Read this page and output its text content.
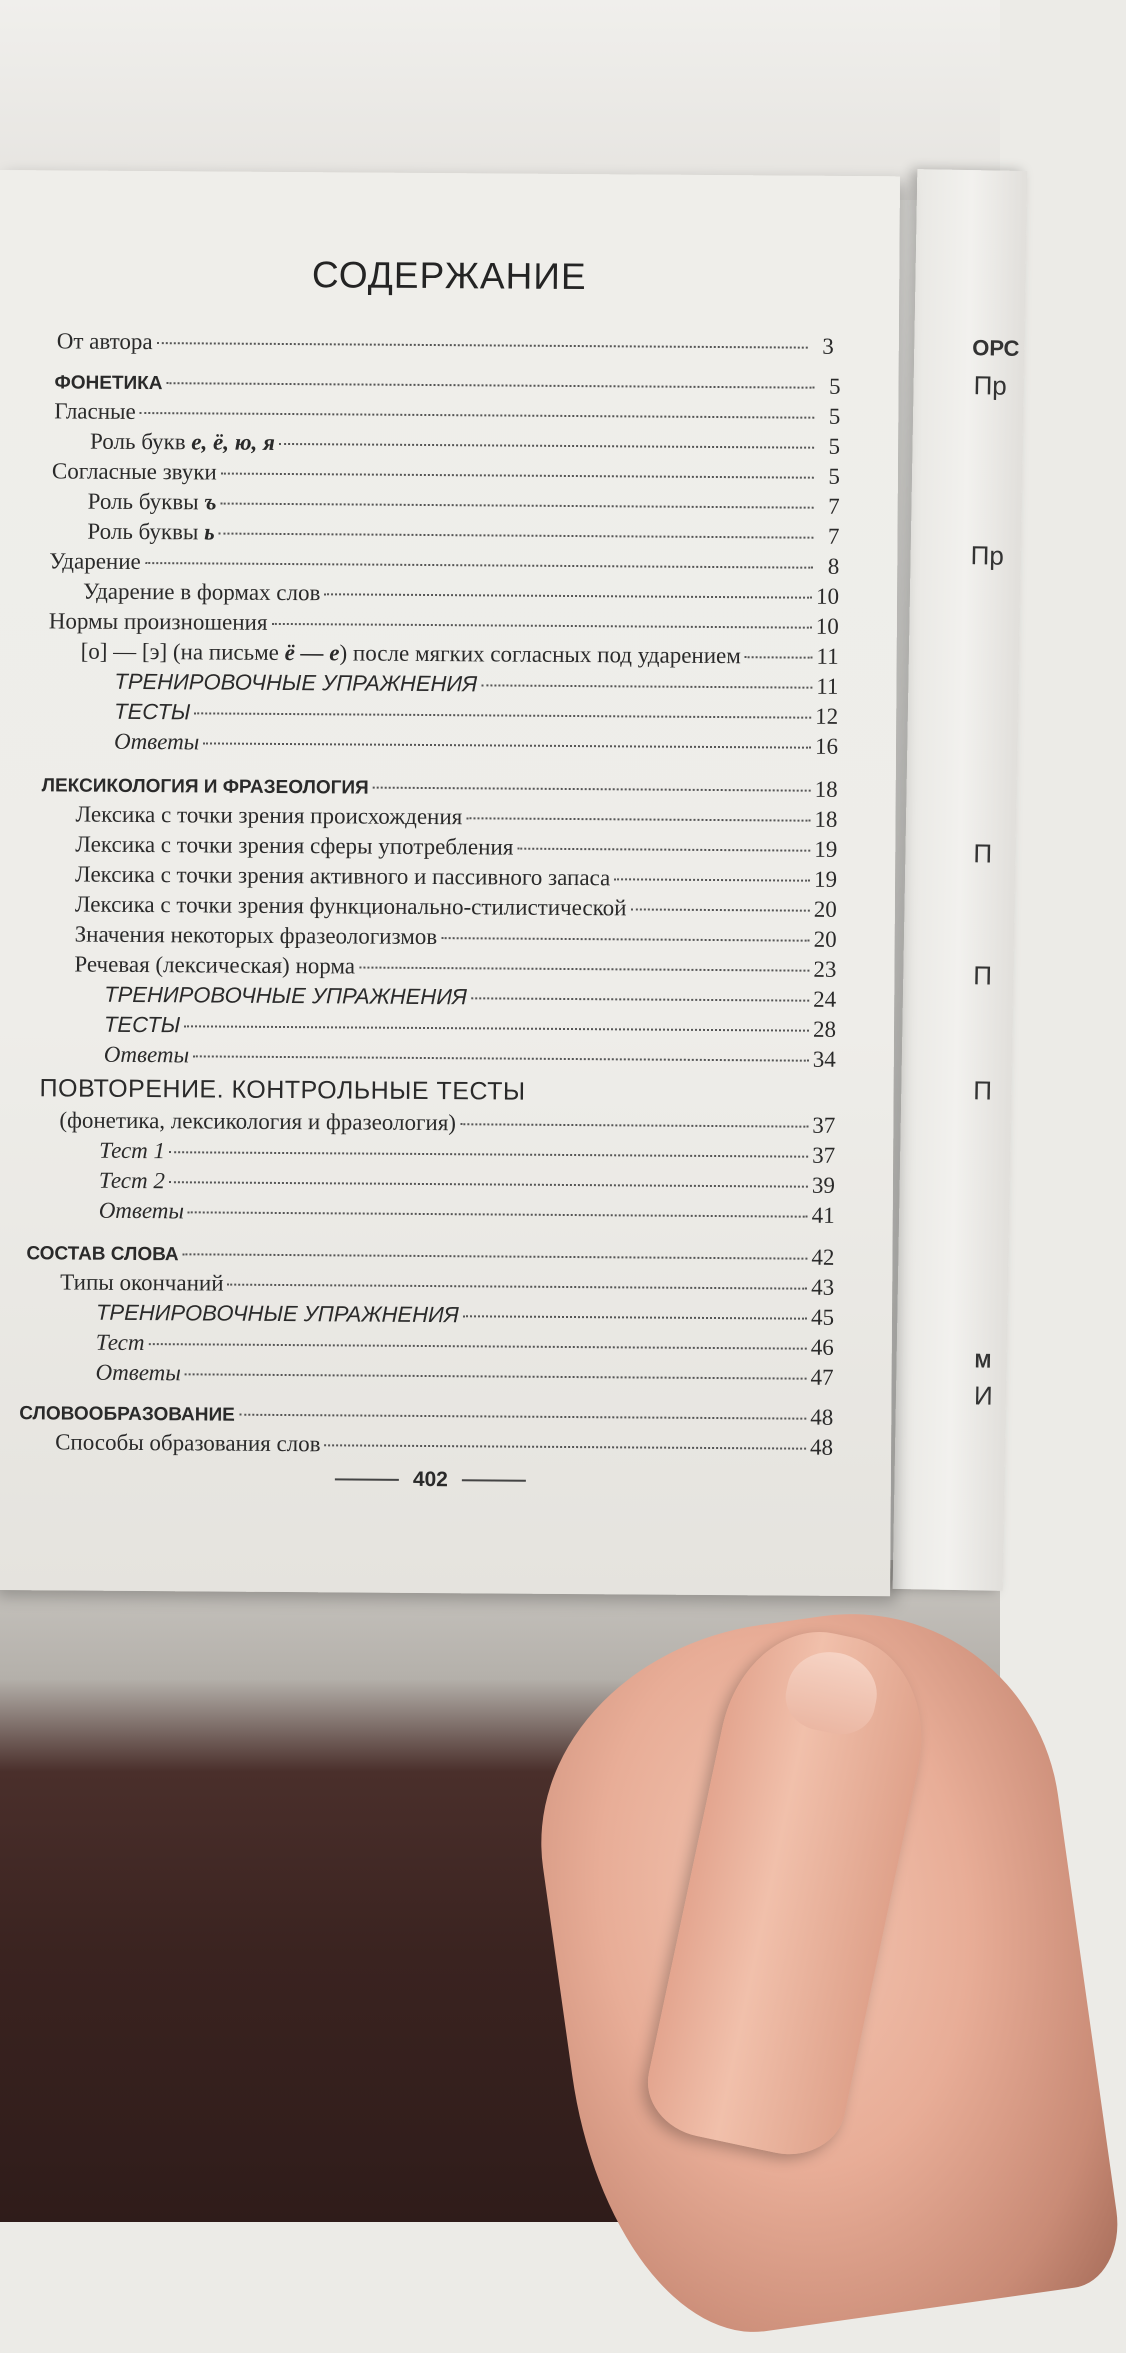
ОРС
Пр
Пр
П
П
П
М
И
СОДЕРЖАНИЕ
От автора	3
ФОНЕТИКА	5
Гласные	5
Роль букв е, ё, ю, я	5
Согласные звуки	5
Роль буквы ъ	7
Роль буквы ь	7
Ударение	8
Ударение в формах слов	10
Нормы произношения	10
[о] — [э] (на письме ё — е) после мягких согласных под ударением	11
ТРЕНИРОВОЧНЫЕ УПРАЖНЕНИЯ	11
ТЕСТЫ	12
Ответы	16
ЛЕКСИКОЛОГИЯ И ФРАЗЕОЛОГИЯ	18
Лексика с точки зрения происхождения	18
Лексика с точки зрения сферы употребления	19
Лексика с точки зрения активного и пассивного запаса	19
Лексика с точки зрения функционально-стилистической	20
Значения некоторых фразеологизмов	20
Речевая (лексическая) норма	23
ТРЕНИРОВОЧНЫЕ УПРАЖНЕНИЯ	24
ТЕСТЫ	28
Ответы	34
ПОВТОРЕНИЕ. КОНТРОЛЬНЫЕ ТЕСТЫ
(фонетика, лексикология и фразеология)	37
Тест 1	37
Тест 2	39
Ответы	41
СОСТАВ СЛОВА	42
Типы окончаний	43
ТРЕНИРОВОЧНЫЕ УПРАЖНЕНИЯ	45
Тест	46
Ответы	47
СЛОВООБРАЗОВАНИЕ	48
Способы образования слов	48
402
